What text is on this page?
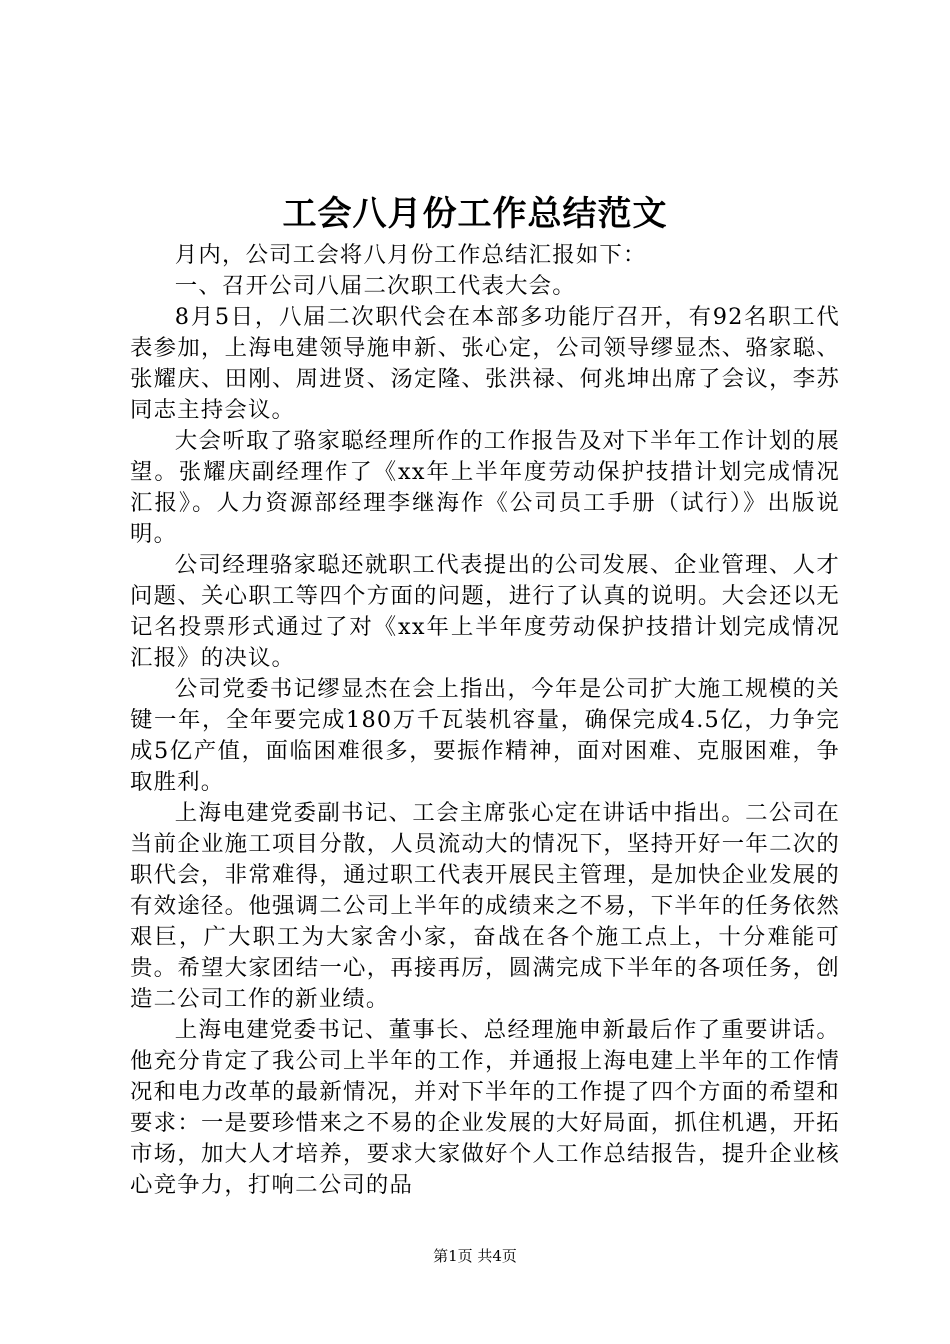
工会八月份工作总结范文

月内，公司工会将八月份工作总结汇报如下：

一、召开公司八届二次职工代表大会。

8月5日，八届二次职代会在本部多功能厅召开，有92名职工代表参加，上海电建领导施申新、张心定，公司领导缪显杰、骆家聪、张耀庆、田刚、周进贤、汤定隆、张洪禄、何兆坤出席了会议，李苏同志主持会议。

大会听取了骆家聪经理所作的工作报告及对下半年工作计划的展望。张耀庆副经理作了《xx年上半年度劳动保护技措计划完成情况汇报》。人力资源部经理李继海作《公司员工手册（试行）》出版说明。

公司经理骆家聪还就职工代表提出的公司发展、企业管理、人才问题、关心职工等四个方面的问题，进行了认真的说明。大会还以无记名投票形式通过了对《xx年上半年度劳动保护技措计划完成情况汇报》的决议。

公司党委书记缪显杰在会上指出，今年是公司扩大施工规模的关键一年，全年要完成180万千瓦装机容量，确保完成4.5亿，力争完成5亿产值，面临困难很多，要振作精神，面对困难、克服困难，争取胜利。

上海电建党委副书记、工会主席张心定在讲话中指出。二公司在当前企业施工项目分散，人员流动大的情况下，坚持开好一年二次的职代会，非常难得，通过职工代表开展民主管理，是加快企业发展的有效途径。他强调二公司上半年的成绩来之不易，下半年的任务依然艰巨，广大职工为大家舍小家，奋战在各个施工点上，十分难能可贵。希望大家团结一心，再接再厉，圆满完成下半年的各项任务，创造二公司工作的新业绩。

上海电建党委书记、董事长、总经理施申新最后作了重要讲话。他充分肯定了我公司上半年的工作，并通报上海电建上半年的工作情况和电力改革的最新情况，并对下半年的工作提了四个方面的希望和要求：一是要珍惜来之不易的企业发展的大好局面，抓住机遇，开拓市场，加大人才培养，要求大家做好个人工作总结报告，提升企业核心竞争力，打响二公司的品

第1页 共4页
